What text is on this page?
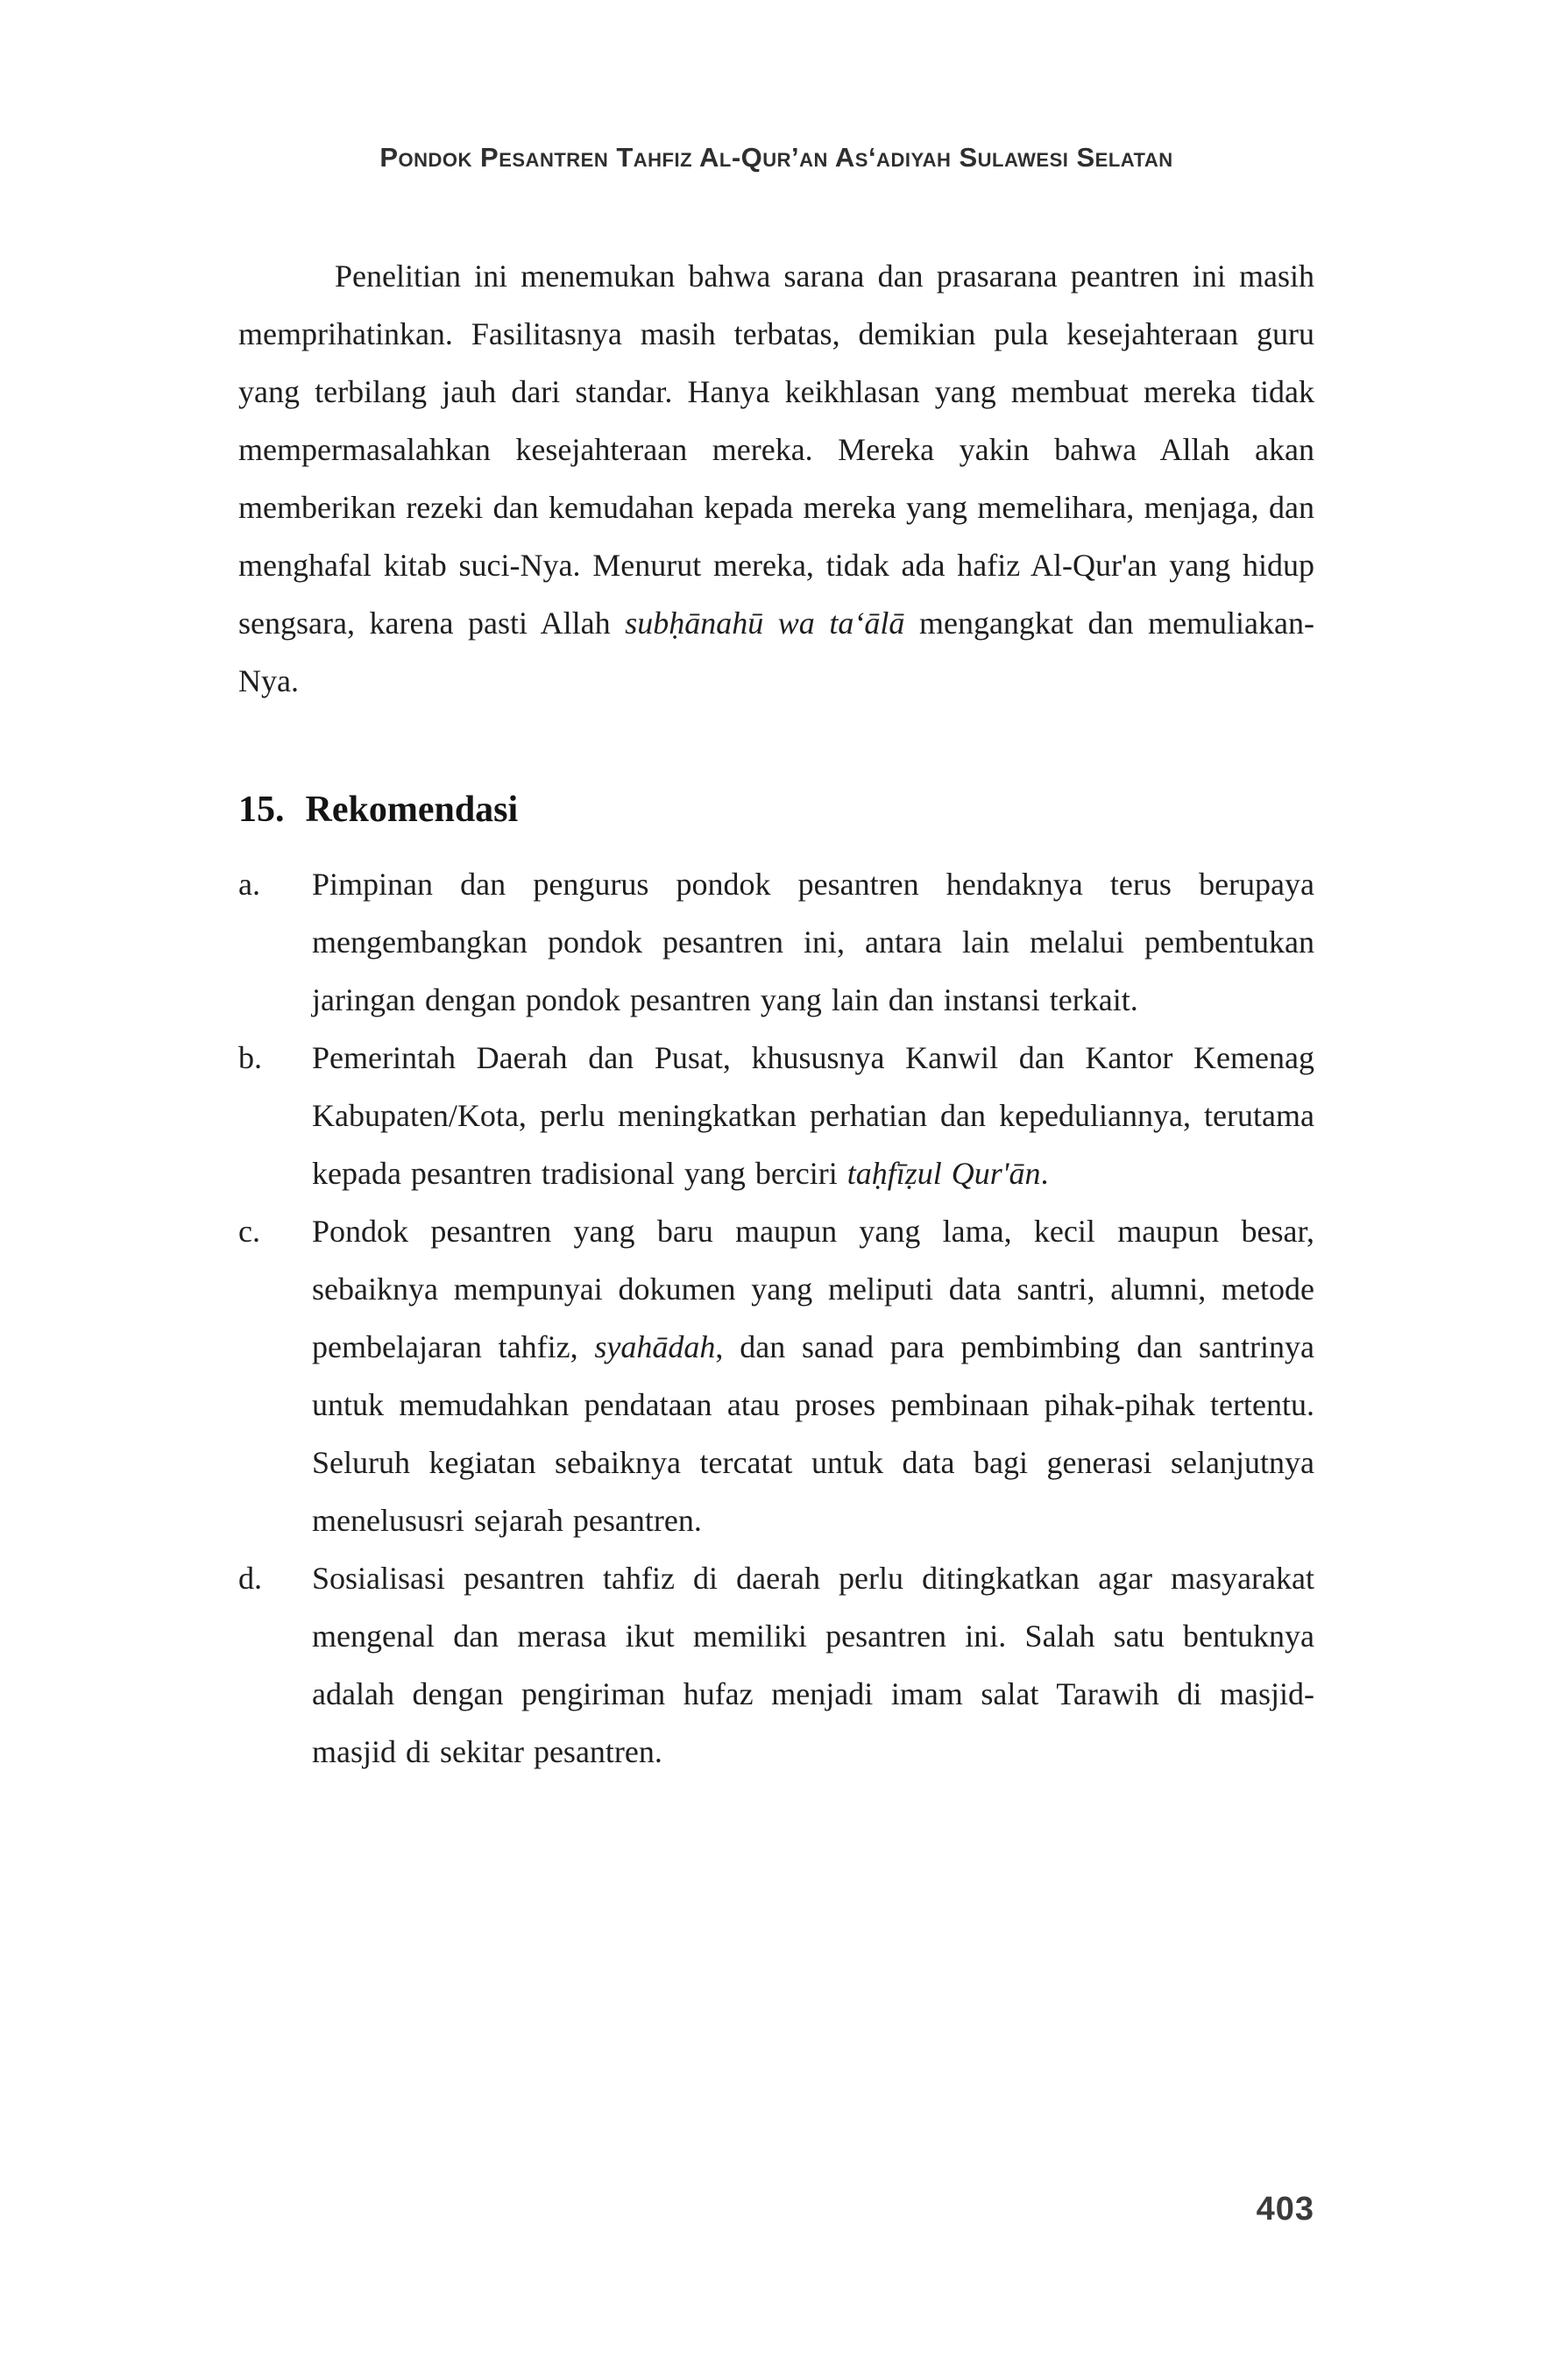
Pondok Pesantren Tahfiz Al-Qur’an As‘adiyah Sulawesi Selatan

Penelitian ini menemukan bahwa sarana dan prasarana peantren ini masih memprihatinkan. Fasilitasnya masih terbatas, demikian pula kesejahteraan guru yang terbilang jauh dari standar. Hanya keikhlasan yang membuat mereka tidak mempermasalahkan kesejahteraan mereka. Mereka yakin bahwa Allah akan memberikan rezeki dan kemudahan kepada mereka yang memelihara, menjaga, dan menghafal kitab suci-Nya. Menurut mereka, tidak ada hafiz Al-Qur'an yang hidup sengsara, karena pasti Allah subḥānahū wa ta‘ālā mengangkat dan memuliakan-Nya.

15. Rekomendasi
a. Pimpinan dan pengurus pondok pesantren hendaknya terus berupaya mengembangkan pondok pesantren ini, antara lain melalui pembentukan jaringan dengan pondok pesantren yang lain dan instansi terkait.
b. Pemerintah Daerah dan Pusat, khususnya Kanwil dan Kantor Kemenag Kabupaten/Kota, perlu meningkatkan perhatian dan kepeduliannya, terutama kepada pesantren tradisional yang berciri taḥfīẓul Qur'ān.
c. Pondok pesantren yang baru maupun yang lama, kecil maupun besar, sebaiknya mempunyai dokumen yang meliputi data santri, alumni, metode pembelajaran tahfiz, syahādah, dan sanad para pembimbing dan santrinya untuk memudahkan pendataan atau proses pembinaan pihak-pihak tertentu. Seluruh kegiatan sebaiknya tercatat untuk data bagi generasi selanjutnya menelususri sejarah pesantren.
d. Sosialisasi pesantren tahfiz di daerah perlu ditingkatkan agar masyarakat mengenal dan merasa ikut memiliki pesantren ini. Salah satu bentuknya adalah dengan pengiriman hufaz menjadi imam salat Tarawih di masjid-masjid di sekitar pesantren.
403
